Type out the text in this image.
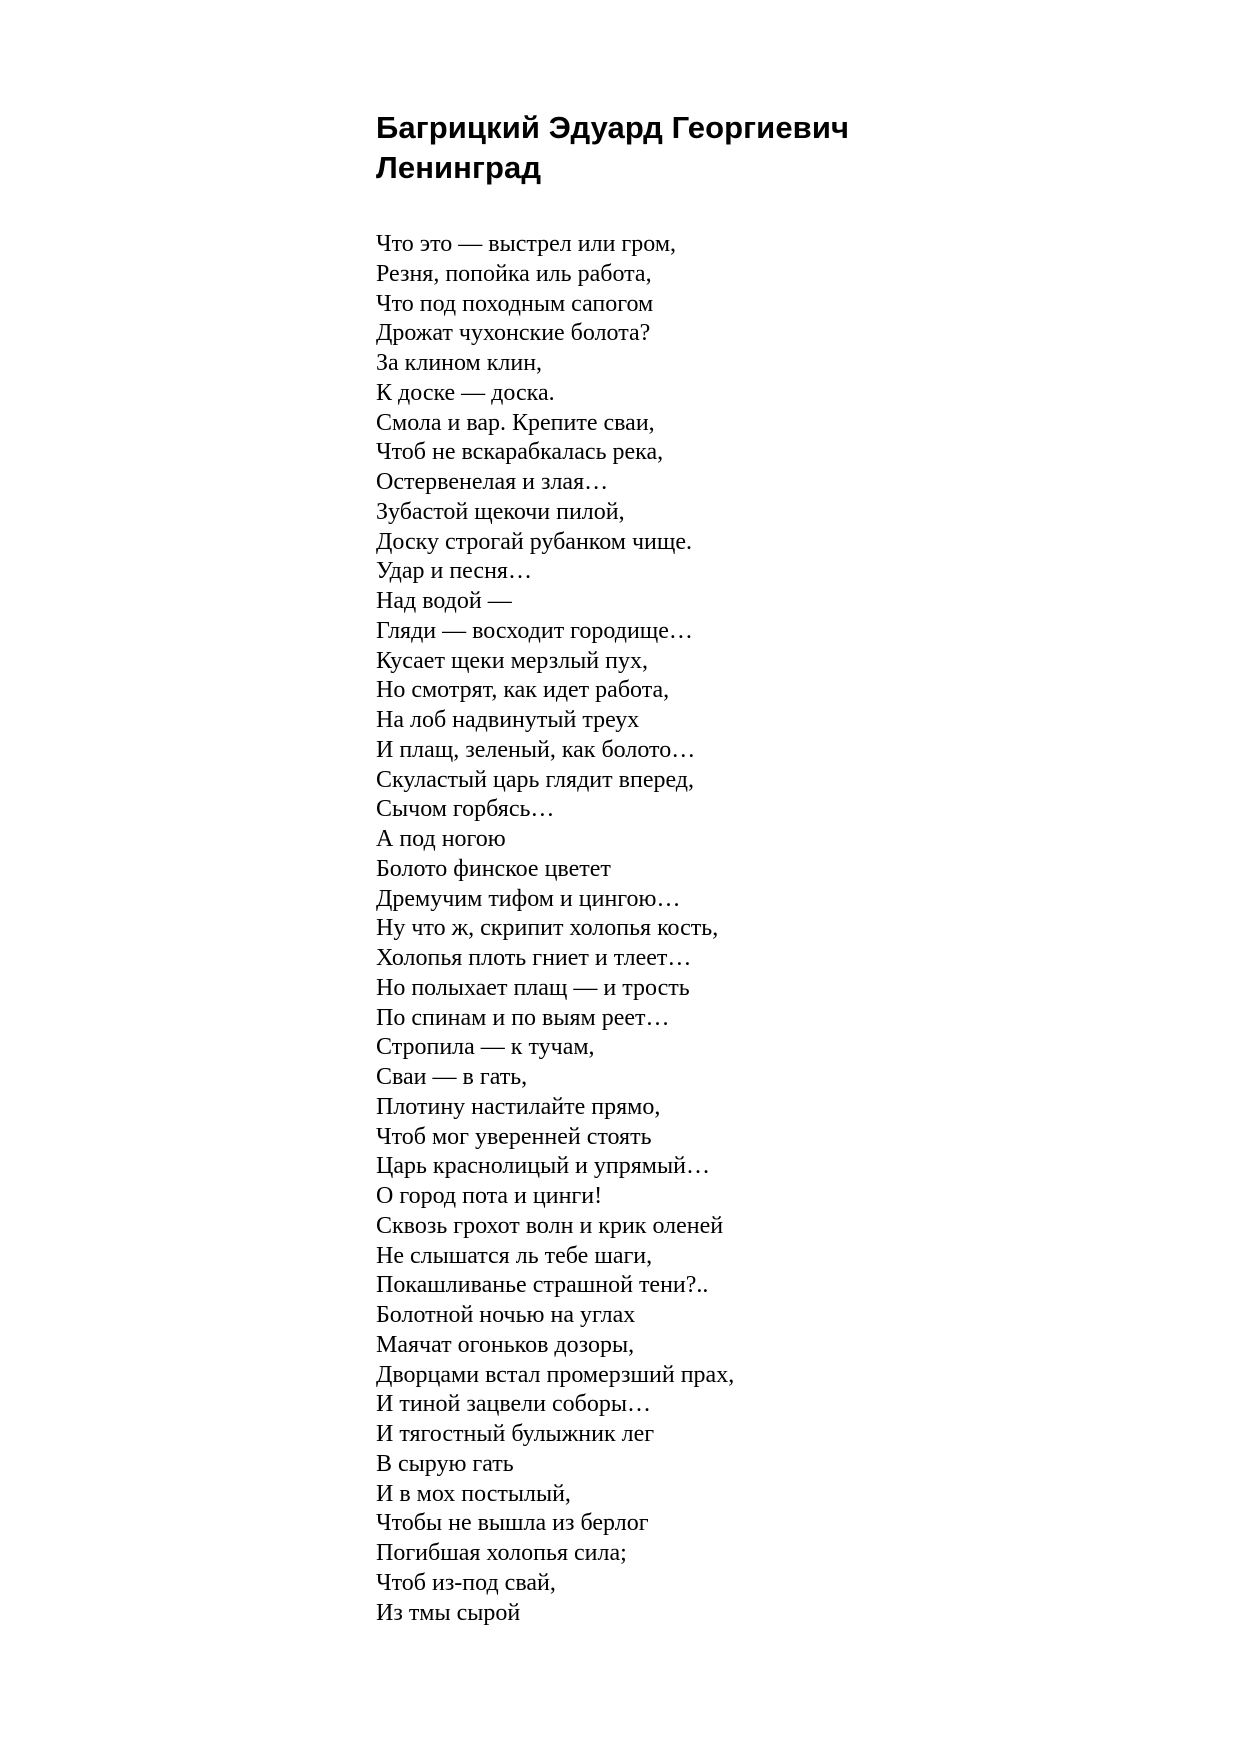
Багрицкий Эдуард Георгиевич
Ленинград
Что это — выстрел или гром,
Резня, попойка иль работа,
Что под походным сапогом
Дрожат чухонские болота?
За клином клин,
К доске — доска.
Смола и вар. Крепите сваи,
Чтоб не вскарабкалась река,
Остервенелая и злая…
Зубастой щекочи пилой,
Доску строгай рубанком чище.
Удар и песня…
Над водой —
Гляди — восходит городище…
Кусает щеки мерзлый пух,
Но смотрят, как идет работа,
На лоб надвинутый треух
И плащ, зеленый, как болото…
Скуластый царь глядит вперед,
Сычом горбясь…
А под ногою
Болото финское цветет
Дремучим тифом и цингою…
Ну что ж, скрипит холопья кость,
Холопья плоть гниет и тлеет…
Но полыхает плащ — и трость
По спинам и по выям реет…
Стропила — к тучам,
Сваи — в гать,
Плотину настилайте прямо,
Чтоб мог уверенней стоять
Царь краснолицый и упрямый…
О город пота и цинги!
Сквозь грохот волн и крик оленей
Не слышатся ль тебе шаги,
Покашливанье страшной тени?..
Болотной ночью на углах
Маячат огоньков дозоры,
Дворцами встал промерзший прах,
И тиной зацвели соборы…
И тягостный булыжник лег
В сырую гать
И в мох постылый,
Чтобы не вышла из берлог
Погибшая холопья сила;
Чтоб из-под свай,
Из тмы сырой
